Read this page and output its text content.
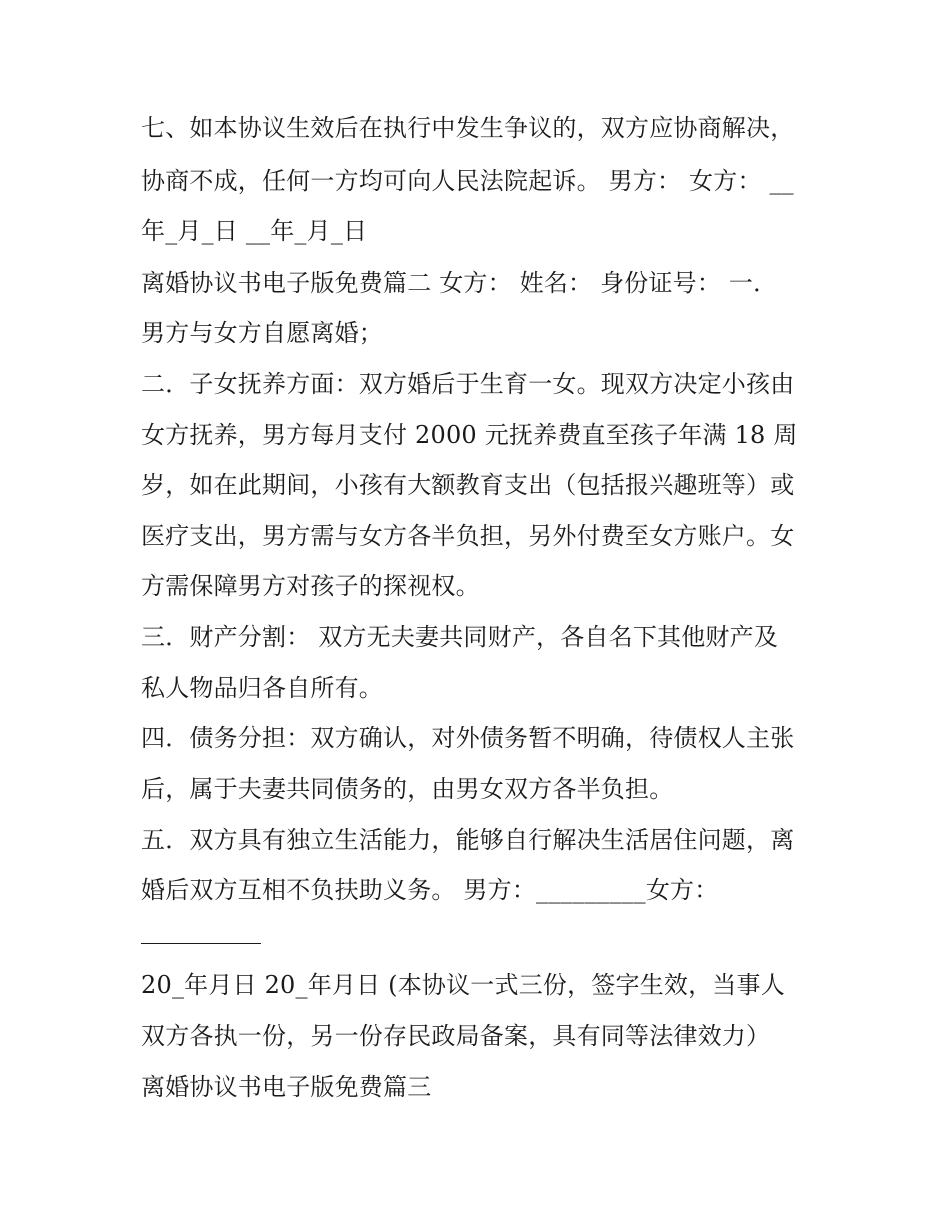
七、如本协议生效后在执行中发生争议的，双方应协商解决，
协商不成，任何一方均可向人民法院起诉。 男方： 女方： __
年_月_日 __年_月_日
离婚协议书电子版免费篇二 女方： 姓名： 身份证号： 一．
男方与女方自愿离婚；
二．子女抚养方面：双方婚后于生育一女。现双方决定小孩由
女方抚养，男方每月支付 2000 元抚养费直至孩子年满 18 周
岁，如在此期间，小孩有大额教育支出（包括报兴趣班等）或
医疗支出，男方需与女方各半负担，另外付费至女方账户。女
方需保障男方对孩子的探视权。
三．财产分割： 双方无夫妻共同财产，各自名下其他财产及
私人物品归各自所有。
四．债务分担：双方确认，对外债务暂不明确，待债权人主张
后，属于夫妻共同债务的，由男女双方各半负担。
五．双方具有独立生活能力，能够自行解决生活居住问题，离
婚后双方互相不负扶助义务。 男方：_________女方：
20_年月日 20_年月日 (本协议一式三份，签字生效，当事人
双方各执一份，另一份存民政局备案，具有同等法律效力）
离婚协议书电子版免费篇三
